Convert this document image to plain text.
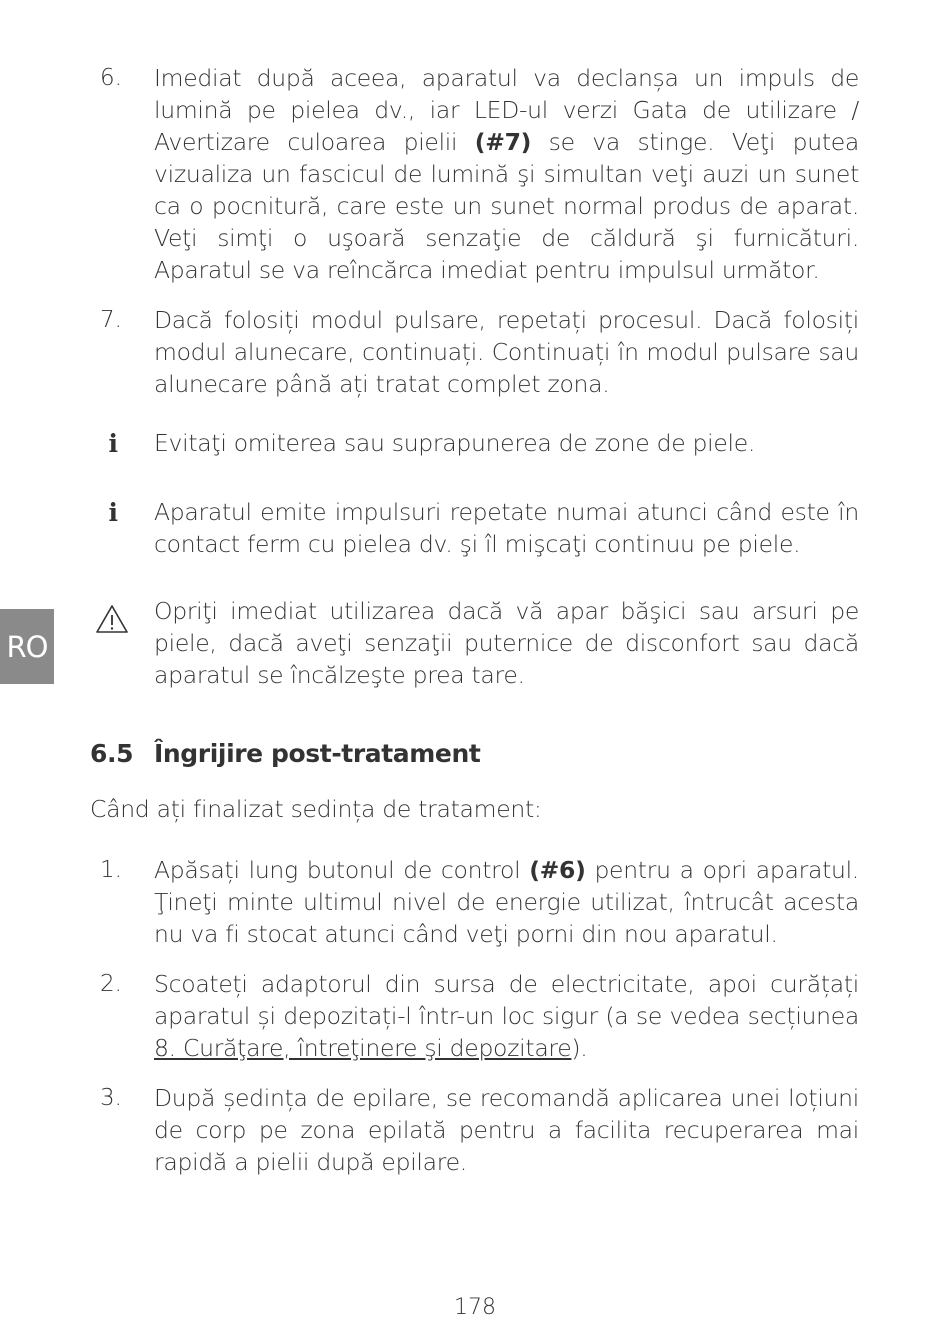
RO
6.	Imediat după aceea, aparatul va declanșa un impuls de lumină pe pielea dv., iar LED-ul verzi Gata de utilizare / Avertizare culoarea pielii (#7) se va stinge. Veţi putea vizualiza un fascicul de lumină şi simultan veţi auzi un sunet ca o pocnitură, care este un sunet normal produs de aparat. Veţi simţi o uşoară senzaţie de căldură şi furnicături. Aparatul se va reîncărca imediat pentru impulsul următor.
7.	Dacă folosiți modul pulsare, repetați procesul. Dacă folosiți modul alunecare, continuați. Continuați în modul pulsare sau alunecare până ați tratat complet zona.
i Evitaţi omiterea sau suprapunerea de zone de piele.
i Aparatul emite impulsuri repetate numai atunci când este în contact ferm cu pielea dv. şi îl mişcaţi continuu pe piele.
Opriţi imediat utilizarea dacă vă apar băşici sau arsuri pe piele, dacă aveţi senzaţii puternice de disconfort sau dacă aparatul se încălzeşte prea tare.
6.5 Îngrijire post-tratament
Când ați finalizat sedința de tratament:
1.	Apăsați lung butonul de control (#6) pentru a opri aparatul. Ţineţi minte ultimul nivel de energie utilizat, întrucât acesta nu va fi stocat atunci când veţi porni din nou aparatul.
2.	Scoateți adaptorul din sursa de electricitate, apoi curățați aparatul și depozitați-l într-un loc sigur (a se vedea secțiunea 8. Curăţare, întreţinere şi depozitare).
3.	După ședința de epilare, se recomandă aplicarea unei loțiuni de corp pe zona epilată pentru a facilita recuperarea mai rapidă a pielii după epilare.
178
